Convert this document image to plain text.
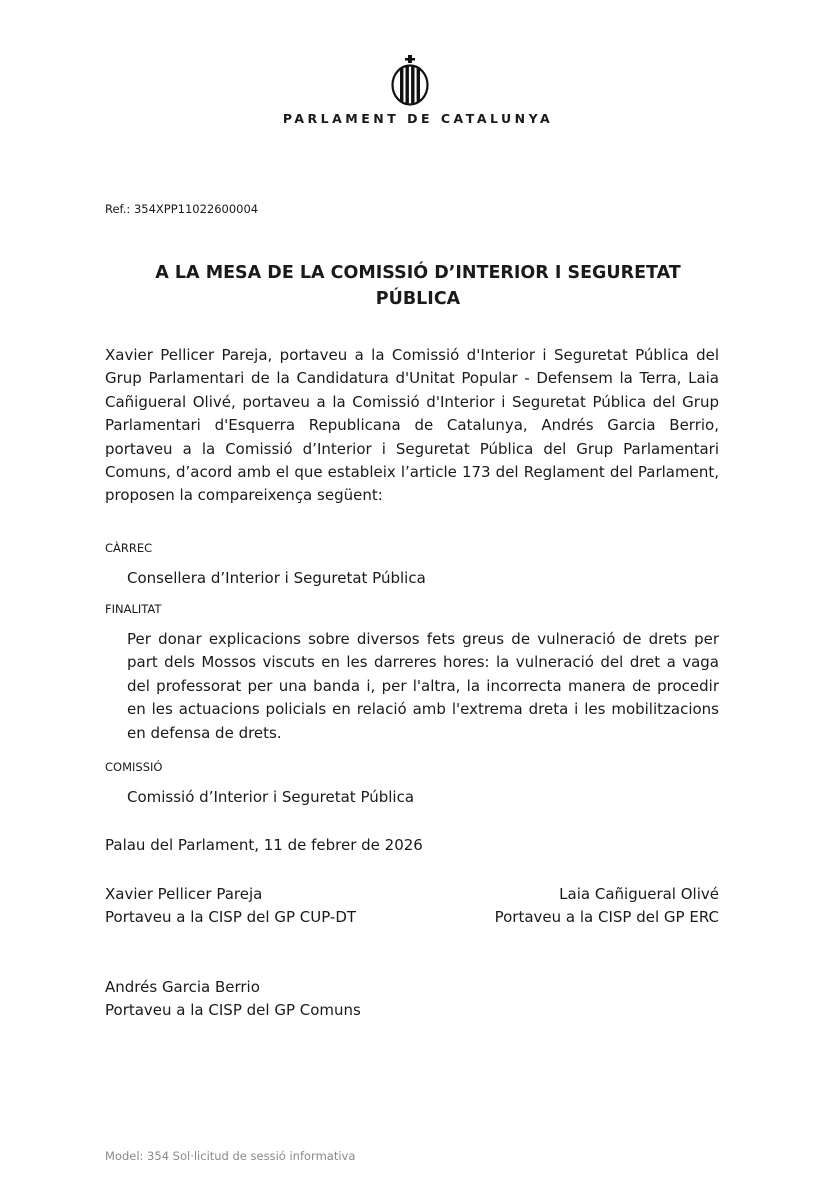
PARLAMENT DE CATALUNYA
Ref.: 354XPP11022600004
A LA MESA DE LA COMISSIÓ D’INTERIOR I SEGURETAT
PÚBLICA
Xavier Pellicer Pareja, portaveu a la Comissió d'Interior i Seguretat Pública del Grup Parlamentari de la Candidatura d'Unitat Popular - Defensem la Terra, Laia Cañigueral Olivé, portaveu a la Comissió d'Interior i Seguretat Pública del Grup Parlamentari d'Esquerra Republicana de Catalunya, Andrés Garcia Berrio, portaveu a la Comissió d’Interior i Seguretat Pública del Grup Parlamentari Comuns, d’acord amb el que estableix l’article 173 del Reglament del Parlament, proposen la compareixença següent:
CÀRREC
Consellera d’Interior i Seguretat Pública
FINALITAT
Per donar explicacions sobre diversos fets greus de vulneració de drets per part dels Mossos viscuts en les darreres hores: la vulneració del dret a vaga del professorat per una banda i, per l'altra, la incorrecta manera de procedir en les actuacions policials en relació amb l'extrema dreta i les mobilitzacions en defensa de drets.
COMISSIÓ
Comissió d’Interior i Seguretat Pública
Palau del Parlament, 11 de febrer de 2026
Xavier Pellicer Pareja
Portaveu a la CISP del GP CUP-DT
Laia Cañigueral Olivé
Portaveu a la CISP del GP ERC
Andrés Garcia Berrio
Portaveu a la CISP del GP Comuns
Model: 354 Sol·licitud de sessió informativa
